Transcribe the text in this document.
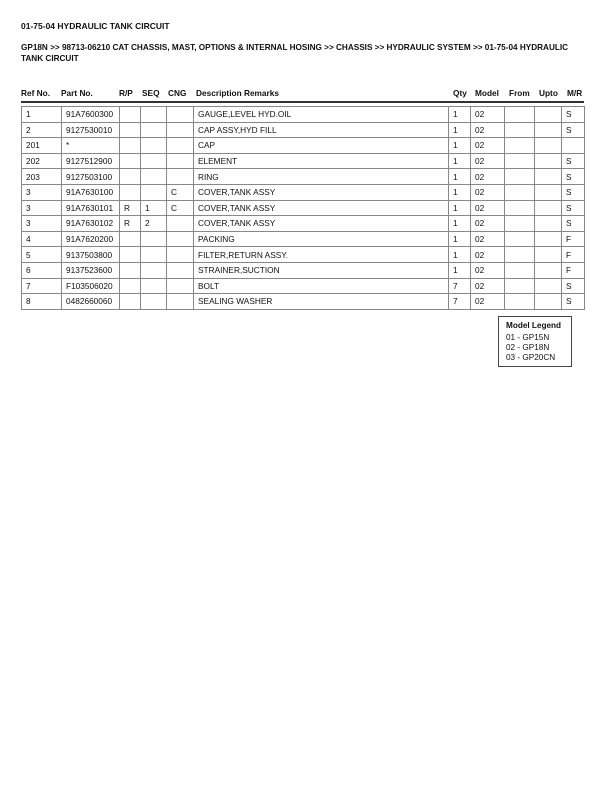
01-75-04 HYDRAULIC TANK CIRCUIT
GP18N >> 98713-06210 CAT CHASSIS, MAST, OPTIONS & INTERNAL HOSING >> CHASSIS >> HYDRAULIC SYSTEM >> 01-75-04 HYDRAULIC TANK CIRCUIT
Ref No. Part No.	R/P SEQ CNG Description Remarks	Qty Model From Upto M/R
1	91A7600300				GAUGE,LEVEL HYD.OIL	1	02			S
2	9127530010				CAP ASSY,HYD FILL	1	02			S
201	*				CAP	1	02			
202	9127512900				ELEMENT	1	02			S
203	9127503100				RING	1	02			S
3	91A7630100			C	COVER,TANK ASSY	1	02			S
3	91A7630101	R	1	C	COVER,TANK ASSY	1	02			S
3	91A7630102	R	2		COVER,TANK ASSY	1	02			S
4	91A7620200				PACKING	1	02			F
5	9137503800				FILTER,RETURN ASSY.	1	02			F
6	9137523600				STRAINER,SUCTION	1	02			F
7	F103506020				BOLT	7	02			S
8	0482660060				SEALING WASHER	7	02			S
Model Legend
01 - GP15N
02 - GP18N
03 - GP20CN
